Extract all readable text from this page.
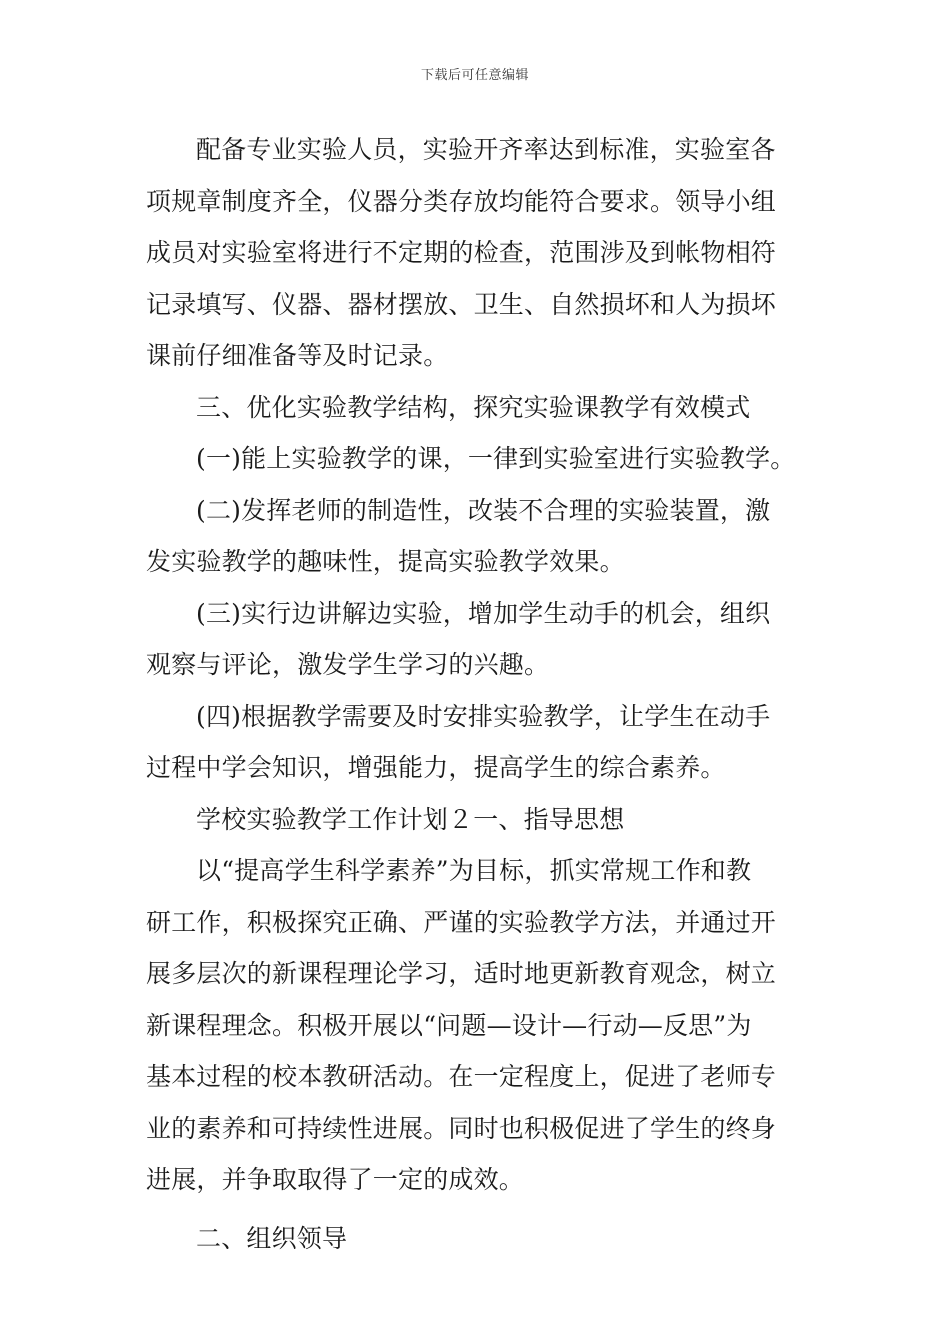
下载后可任意编辑
配备专业实验人员，实验开齐率达到标准，实验室各
项规章制度齐全，仪器分类存放均能符合要求。领导小组
成员对实验室将进行不定期的检查，范围涉及到帐物相符
记录填写、仪器、器材摆放、卫生、自然损坏和人为损坏
课前仔细准备等及时记录。
三、优化实验教学结构，探究实验课教学有效模式
(一)能上实验教学的课，一律到实验室进行实验教学。
(二)发挥老师的制造性，改装不合理的实验装置，激
发实验教学的趣味性，提高实验教学效果。
(三)实行边讲解边实验，增加学生动手的机会，组织
观察与评论，激发学生学习的兴趣。
(四)根据教学需要及时安排实验教学，让学生在动手
过程中学会知识，增强能力，提高学生的综合素养。
学校实验教学工作计划２一、指导思想
以“提高学生科学素养”为目标，抓实常规工作和教
研工作，积极探究正确、严谨的实验教学方法，并通过开
展多层次的新课程理论学习，适时地更新教育观念，树立
新课程理念。积极开展以“问题—设计—行动—反思”为
基本过程的校本教研活动。在一定程度上，促进了老师专
业的素养和可持续性进展。同时也积极促进了学生的终身
进展，并争取取得了一定的成效。
二、组织领导
